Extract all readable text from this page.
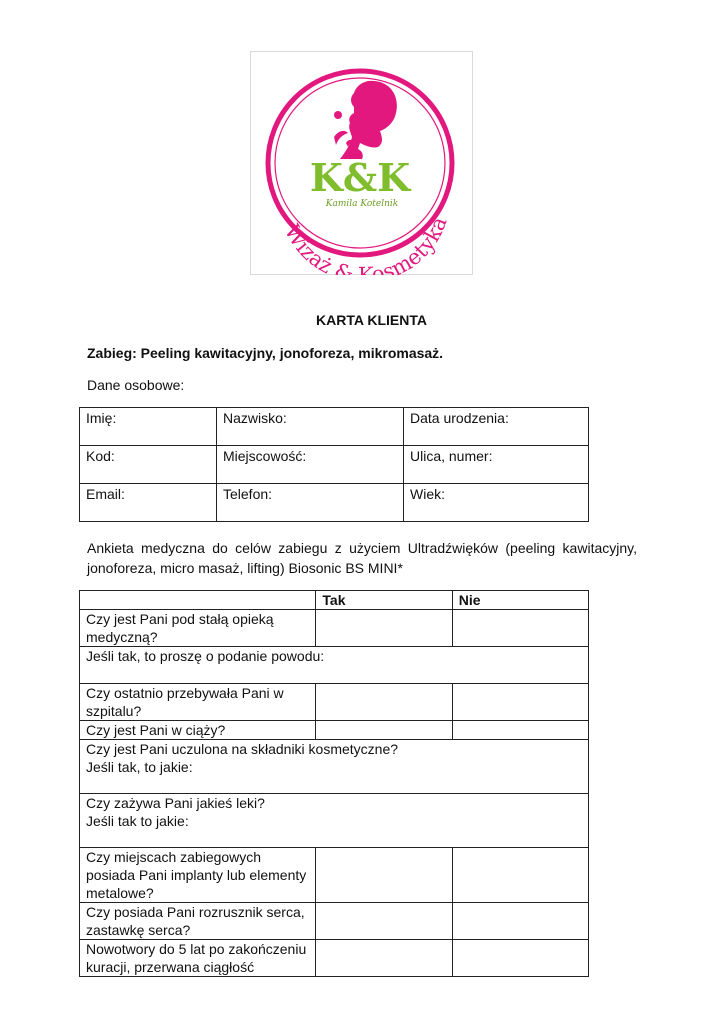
K&K
Kamila Kotelnik
Wizaż & osmetyka
KARTA KLIENTA
Zabieg: Peeling kawitacyjny, jonoforeza, mikromasaż.
Dane osobowe:
Imię:	Nazwisko:	Data urodzenia:
Kod:	Miejscowość:	Ulica, numer:
Email:	Telefon:	Wiek:
Ankieta medyczna do celów zabiegu z użyciem Ultradźwięków (peeling kawitacyjny, jonoforeza, micro masaż, lifting) Biosonic BS MINI*
	Tak	Nie
Czy jest Pani pod stałą opieką medyczną?		
Jeśli tak, to proszę o podanie powodu:		
Czy ostatnio przebywała Pani w szpitalu?		
Czy jest Pani w ciąży?		

Czy jest Pani uczulona na składniki kosmetyczne?
Jeśli tak, to jakie:		

Czy zażywa Pani jakieś leki?
Jeśli tak to jakie:		

Czy miejscach zabiegowych posiada Pani implanty lub elementy metalowe?		
Czy posiada Pani rozrusznik serca, zastawkę serca?		
Nowotwory do 5 lat po zakończeniu kuracji, przerwana ciągłość		
